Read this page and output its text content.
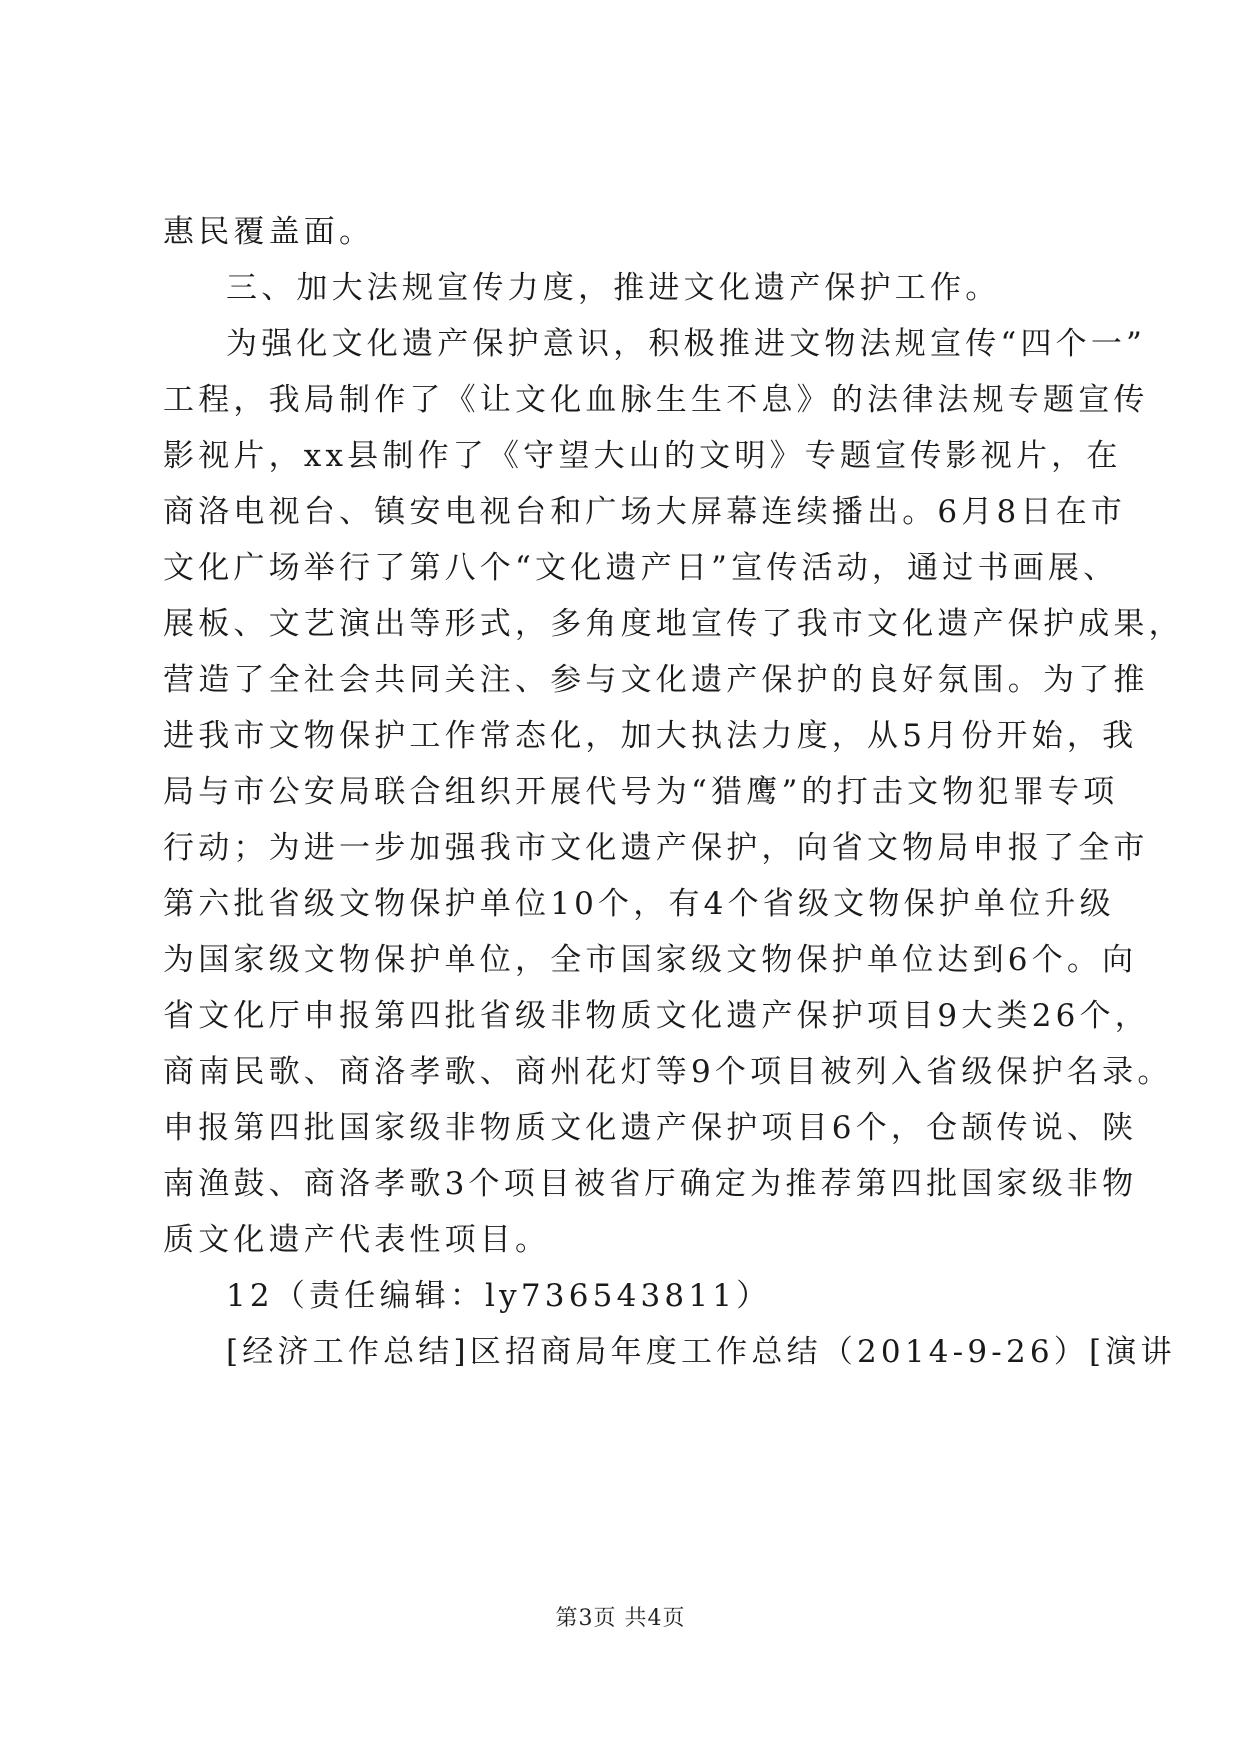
惠民覆盖面。
三、加大法规宣传力度，推进文化遗产保护工作。
为强化文化遗产保护意识，积极推进文物法规宣传“四个一”
工程，我局制作了《让文化血脉生生不息》的法律法规专题宣传
影视片，xx县制作了《守望大山的文明》专题宣传影视片，在
商洛电视台、镇安电视台和广场大屏幕连续播出。6月8日在市
文化广场举行了第八个“文化遗产日”宣传活动，通过书画展、
展板、文艺演出等形式，多角度地宣传了我市文化遗产保护成果，
营造了全社会共同关注、参与文化遗产保护的良好氛围。为了推
进我市文物保护工作常态化，加大执法力度，从5月份开始，我
局与市公安局联合组织开展代号为“猎鹰”的打击文物犯罪专项
行动；为进一步加强我市文化遗产保护，向省文物局申报了全市
第六批省级文物保护单位10个，有4个省级文物保护单位升级
为国家级文物保护单位，全市国家级文物保护单位达到6个。向
省文化厅申报第四批省级非物质文化遗产保护项目9大类26个，
商南民歌、商洛孝歌、商州花灯等9个项目被列入省级保护名录。
申报第四批国家级非物质文化遗产保护项目6个，仓颉传说、陕
南渔鼓、商洛孝歌3个项目被省厅确定为推荐第四批国家级非物
质文化遗产代表性项目。
12（责任编辑：ly736543811）
[经济工作总结]区招商局年度工作总结（2014-9-26）[演讲
第3页 共4页
